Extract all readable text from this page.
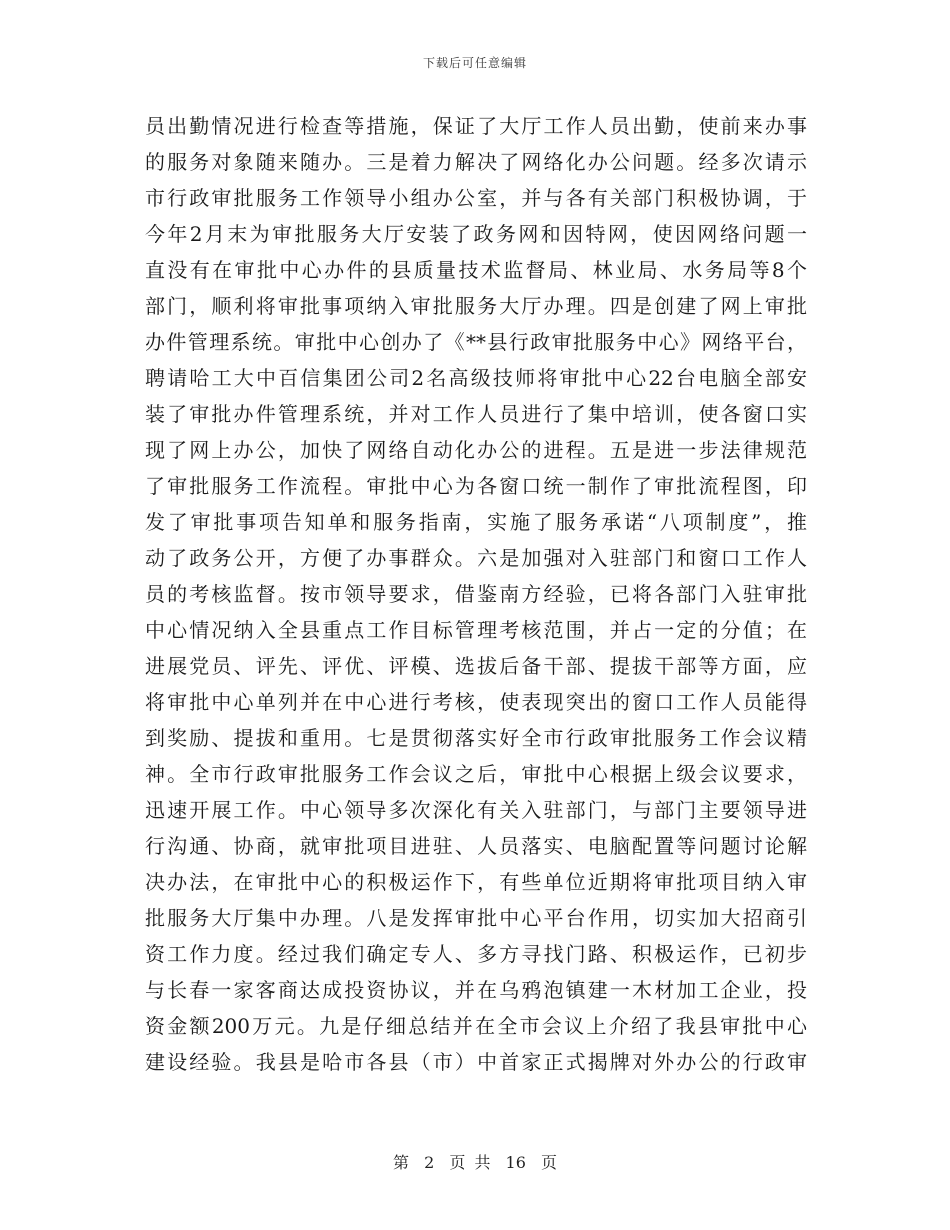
下载后可任意编辑
员出勤情况进行检查等措施，保证了大厅工作人员出勤，使前来办事
的服务对象随来随办。三是着力解决了网络化办公问题。经多次请示
市行政审批服务工作领导小组办公室，并与各有关部门积极协调，于
今年2月末为审批服务大厅安装了政务网和因特网，使因网络问题一
直没有在审批中心办件的县质量技术监督局、林业局、水务局等8个
部门，顺利将审批事项纳入审批服务大厅办理。四是创建了网上审批
办件管理系统。审批中心创办了《**县行政审批服务中心》网络平台，
聘请哈工大中百信集团公司2名高级技师将审批中心22台电脑全部安
装了审批办件管理系统，并对工作人员进行了集中培训，使各窗口实
现了网上办公，加快了网络自动化办公的进程。五是进一步法律规范
了审批服务工作流程。审批中心为各窗口统一制作了审批流程图，印
发了审批事项告知单和服务指南，实施了服务承诺“八项制度”，推
动了政务公开，方便了办事群众。六是加强对入驻部门和窗口工作人
员的考核监督。按市领导要求，借鉴南方经验，已将各部门入驻审批
中心情况纳入全县重点工作目标管理考核范围，并占一定的分值；在
进展党员、评先、评优、评模、选拔后备干部、提拔干部等方面，应
将审批中心单列并在中心进行考核，使表现突出的窗口工作人员能得
到奖励、提拔和重用。七是贯彻落实好全市行政审批服务工作会议精
神。全市行政审批服务工作会议之后，审批中心根据上级会议要求，
迅速开展工作。中心领导多次深化有关入驻部门，与部门主要领导进
行沟通、协商，就审批项目进驻、人员落实、电脑配置等问题讨论解
决办法，在审批中心的积极运作下，有些单位近期将审批项目纳入审
批服务大厅集中办理。八是发挥审批中心平台作用，切实加大招商引
资工作力度。经过我们确定专人、多方寻找门路、积极运作，已初步
与长春一家客商达成投资协议，并在乌鸦泡镇建一木材加工企业，投
资金额200万元。九是仔细总结并在全市会议上介绍了我县审批中心
建设经验。我县是哈市各县（市）中首家正式揭牌对外办公的行政审
第 2 页 共 16 页
